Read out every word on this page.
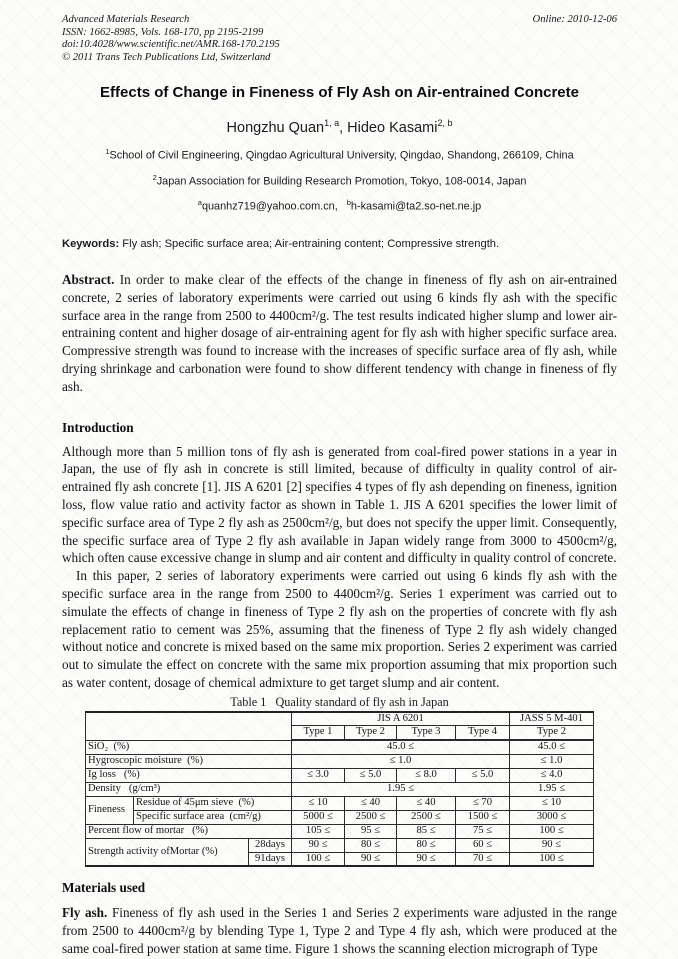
Advanced Materials Research
ISSN: 1662-8985, Vols. 168-170, pp 2195-2199
doi:10.4028/www.scientific.net/AMR.168-170.2195
© 2011 Trans Tech Publications Ltd, Switzerland
Online: 2010-12-06
Effects of Change in Fineness of Fly Ash on Air-entrained Concrete
Hongzhu Quan$^{1, a}$, Hideo Kasami$^{2, b}$
$^1$School of Civil Engineering, Qingdao Agricultural University, Qingdao, Shandong, 266109, China
$^2$Japan Association for Building Research Promotion, Tokyo, 108-0014, Japan
$^a$quanhz719@yahoo.com.cn, $^b$h-kasami@ta2.so-net.ne.jp
Keywords: Fly ash; Specific surface area; Air-entraining content; Compressive strength.
Abstract. In order to make clear of the effects of the change in fineness of fly ash on air-entrained concrete, 2 series of laboratory experiments were carried out using 6 kinds fly ash with the specific surface area in the range from 2500 to 4400cm²/g. The test results indicated higher slump and lower air-entraining content and higher dosage of air-entraining agent for fly ash with higher specific surface area. Compressive strength was found to increase with the increases of specific surface area of fly ash, while drying shrinkage and carbonation were found to show different tendency with change in fineness of fly ash.
Introduction
Although more than 5 million tons of fly ash is generated from coal-fired power stations in a year in Japan, the use of fly ash in concrete is still limited, because of difficulty in quality control of air-entrained fly ash concrete [1]. JIS A 6201 [2] specifies 4 types of fly ash depending on fineness, ignition loss, flow value ratio and activity factor as shown in Table 1. JIS A 6201 specifies the lower limit of specific surface area of Type 2 fly ash as 2500cm²/g, but does not specify the upper limit. Consequently, the specific surface area of Type 2 fly ash available in Japan widely range from 3000 to 4500cm²/g, which often cause excessive change in slump and air content and difficulty in quality control of concrete.
In this paper, 2 series of laboratory experiments were carried out using 6 kinds fly ash with the specific surface area in the range from 2500 to 4400cm²/g. Series 1 experiment was carried out to simulate the effects of change in fineness of Type 2 fly ash on the properties of concrete with fly ash replacement ratio to cement was 25%, assuming that the fineness of Type 2 fly ash widely changed without notice and concrete is mixed based on the same mix proportion. Series 2 experiment was carried out to simulate the effect on concrete with the same mix proportion assuming that mix proportion such as water content, dosage of chemical admixture to get target slump and air content.
Table 1   Quality standard of fly ash in Japan
			JIS A 6201				JASS 5 M-401
			Type 1	Type 2	Type 3	Type 4	Type 2
SiO₂  (%)			45.0 ≤				45.0 ≤
Hygroscopic moisture  (%)			≤ 1.0				≤ 1.0
Ig loss   (%)			≤ 3.0	≤ 5.0	≤ 8.0	≤ 5.0	≤ 4.0
Density   (g/cm³)			1.95 ≤				1.95 ≤
Fineness	Residue of 45μm sieve  (%)		≤ 10	≤ 40	≤ 40	≤ 70	≤ 10
	Specific surface area  (cm²/g)		5000 ≤	2500 ≤	2500 ≤	1500 ≤	3000 ≤
Percent flow of mortar   (%)			105 ≤	95 ≤	85 ≤	75 ≤	100 ≤
Strength activity ofMortar (%)		28days	90 ≤	80 ≤	80 ≤	60 ≤	90 ≤
		91days	100 ≤	90 ≤	90 ≤	70 ≤	100 ≤
Materials used
Fly ash. Fineness of fly ash used in the Series 1 and Series 2 experiments ware adjusted in the range from 2500 to 4400cm²/g by blending Type 1, Type 2 and Type 4 fly ash, which were produced at the same coal-fired power station at same time. Figure 1 shows the scanning election micrograph of Type
